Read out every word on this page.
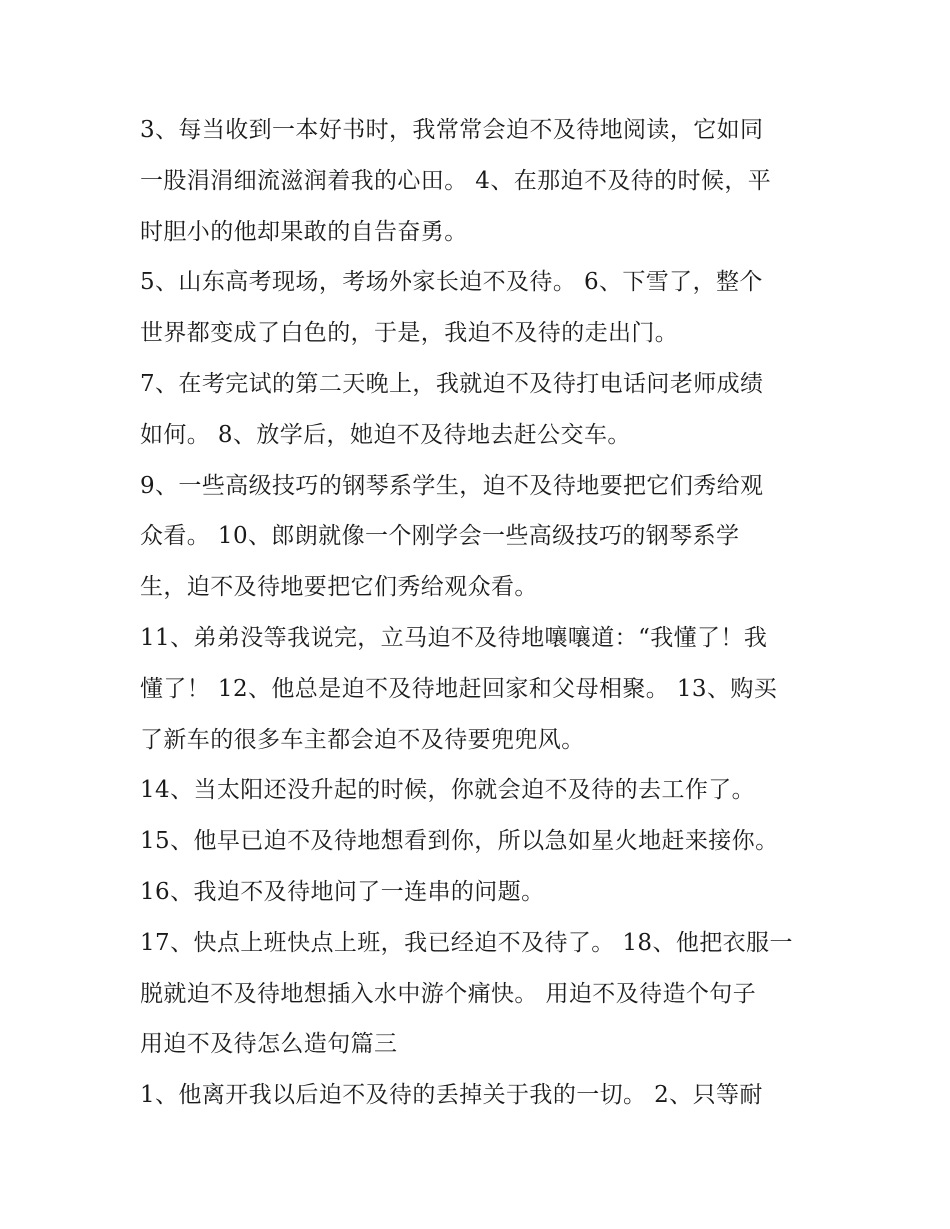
3、每当收到一本好书时，我常常会迫不及待地阅读，它如同
一股涓涓细流滋润着我的心田。 4、在那迫不及待的时候，平
时胆小的他却果敢的自告奋勇。
5、山东高考现场，考场外家长迫不及待。 6、下雪了，整个
世界都变成了白色的，于是，我迫不及待的走出门。
7、在考完试的第二天晚上，我就迫不及待打电话问老师成绩
如何。 8、放学后，她迫不及待地去赶公交车。
9、一些高级技巧的钢琴系学生，迫不及待地要把它们秀给观
众看。 10、郎朗就像一个刚学会一些高级技巧的钢琴系学
生，迫不及待地要把它们秀给观众看。
11、弟弟没等我说完，立马迫不及待地嚷嚷道：“我懂了！我
懂了！ 12、他总是迫不及待地赶回家和父母相聚。 13、购买
了新车的很多车主都会迫不及待要兜兜风。
14、当太阳还没升起的时候，你就会迫不及待的去工作了。
15、他早已迫不及待地想看到你，所以急如星火地赶来接你。
16、我迫不及待地问了一连串的问题。
17、快点上班快点上班，我已经迫不及待了。 18、他把衣服一
脱就迫不及待地想插入水中游个痛快。 用迫不及待造个句子
用迫不及待怎么造句篇三
1、他离开我以后迫不及待的丢掉关于我的一切。 2、只等耐
